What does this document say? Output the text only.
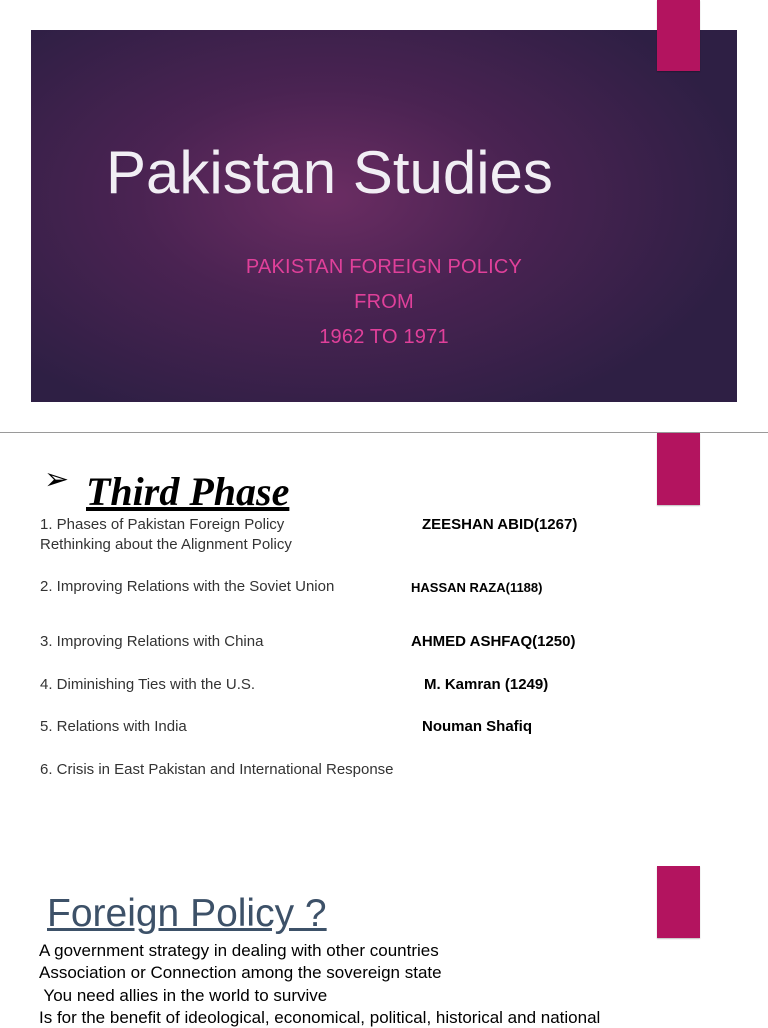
Pakistan Studies
PAKISTAN FOREIGN POLICY
FROM
1962 TO 1971
➢ Third Phase
1. Phases of Pakistan Foreign Policy
Rethinking about the Alignment Policy
ZEESHAN ABID(1267)
2. Improving Relations with the Soviet Union	HASSAN RAZA(1188)
3. Improving Relations with China	AHMED ASHFAQ(1250)
4. Diminishing Ties with the U.S.	M. Kamran (1249)
5. Relations with India	Nouman Shafiq
6. Crisis in East Pakistan and International Response
Foreign Policy ?
A government strategy in dealing with other countries
Association or Connection among the sovereign state
You need allies in the world to survive
Is for the benefit of ideological, economical, political, historical and national
